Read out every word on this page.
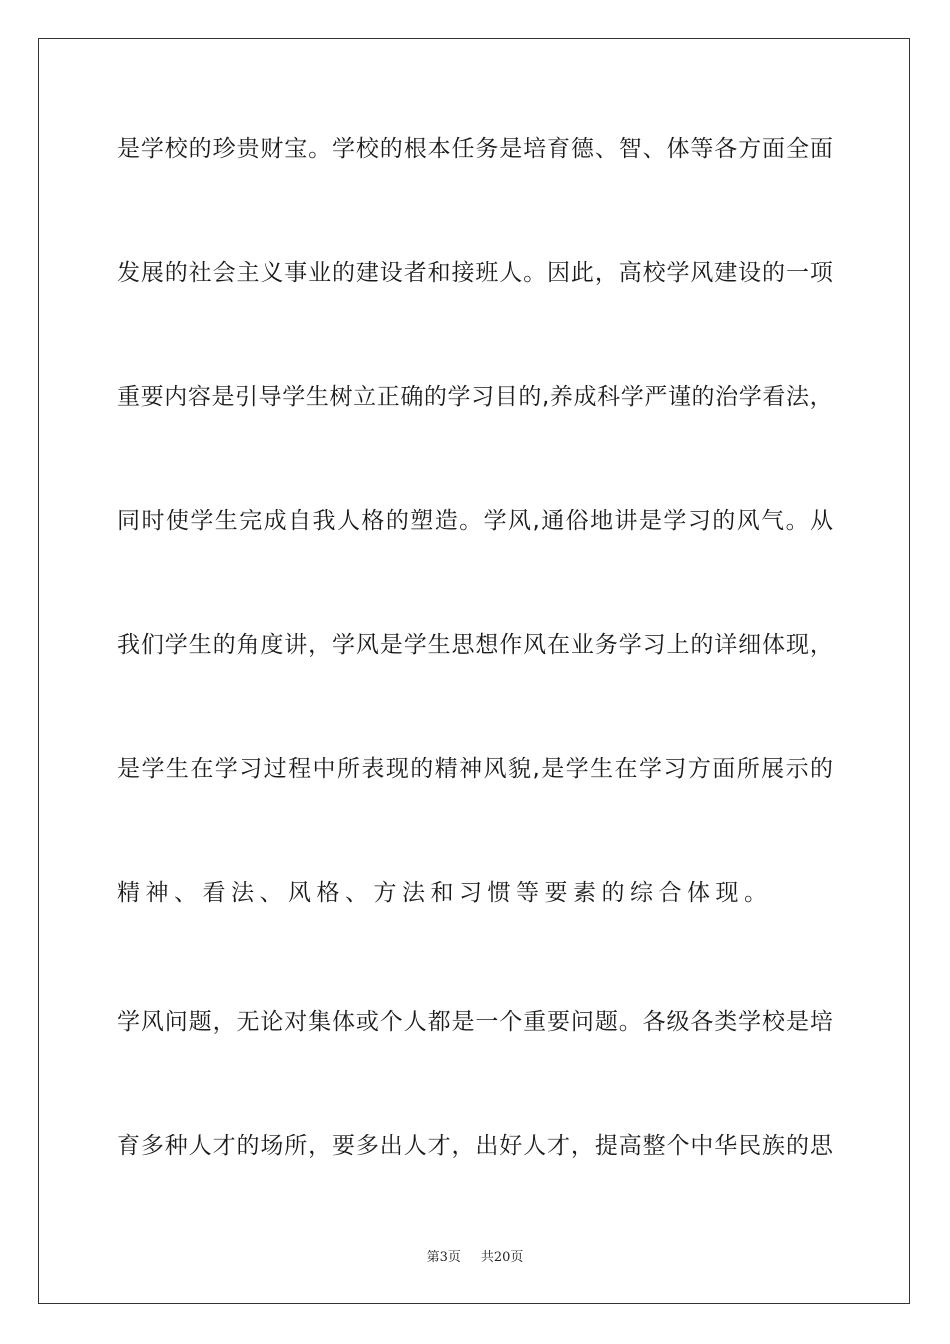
是 学 校 的 珍 贵 财 宝 。 学 校 的 根 本 任 务 是 培 育 德 、 智 、 体 等 各 方 面 全 面
发 展 的 社 会 主 义 事 业 的 建 设 者 和 接 班 人 。 因 此 ， 高 校 学 风 建 设 的 一 项
重 要 内 容 是 引 导 学 生 树 立 正 确 的 学 习 目 的 , 养 成 科 学 严 谨 的 治 学 看 法 ，
同 时 使 学 生 完 成 自 我 人 格 的 塑 造 。 学 风 , 通 俗 地 讲 是 学 习 的 风 气 。 从
我 们 学 生 的 角 度 讲 ， 学 风 是 学 生 思 想 作 风 在 业 务 学 习 上 的 详 细 体 现 ，
是 学 生 在 学 习 过 程 中 所 表 现 的 精 神 风 貌 , 是 学 生 在 学 习 方 面 所 展 示 的
精神、看法、风格、方法和习惯等要素的综合体现。
学 风 问 题 ， 无 论 对 集 体 或 个 人 都 是 一 个 重 要 问 题 。 各 级 各 类 学 校 是 培
育 多 种 人 才 的 场 所 ， 要 多 出 人 才 ， 出 好 人 才 ， 提 高 整 个 中 华 民 族 的 思
第3页 共20页
